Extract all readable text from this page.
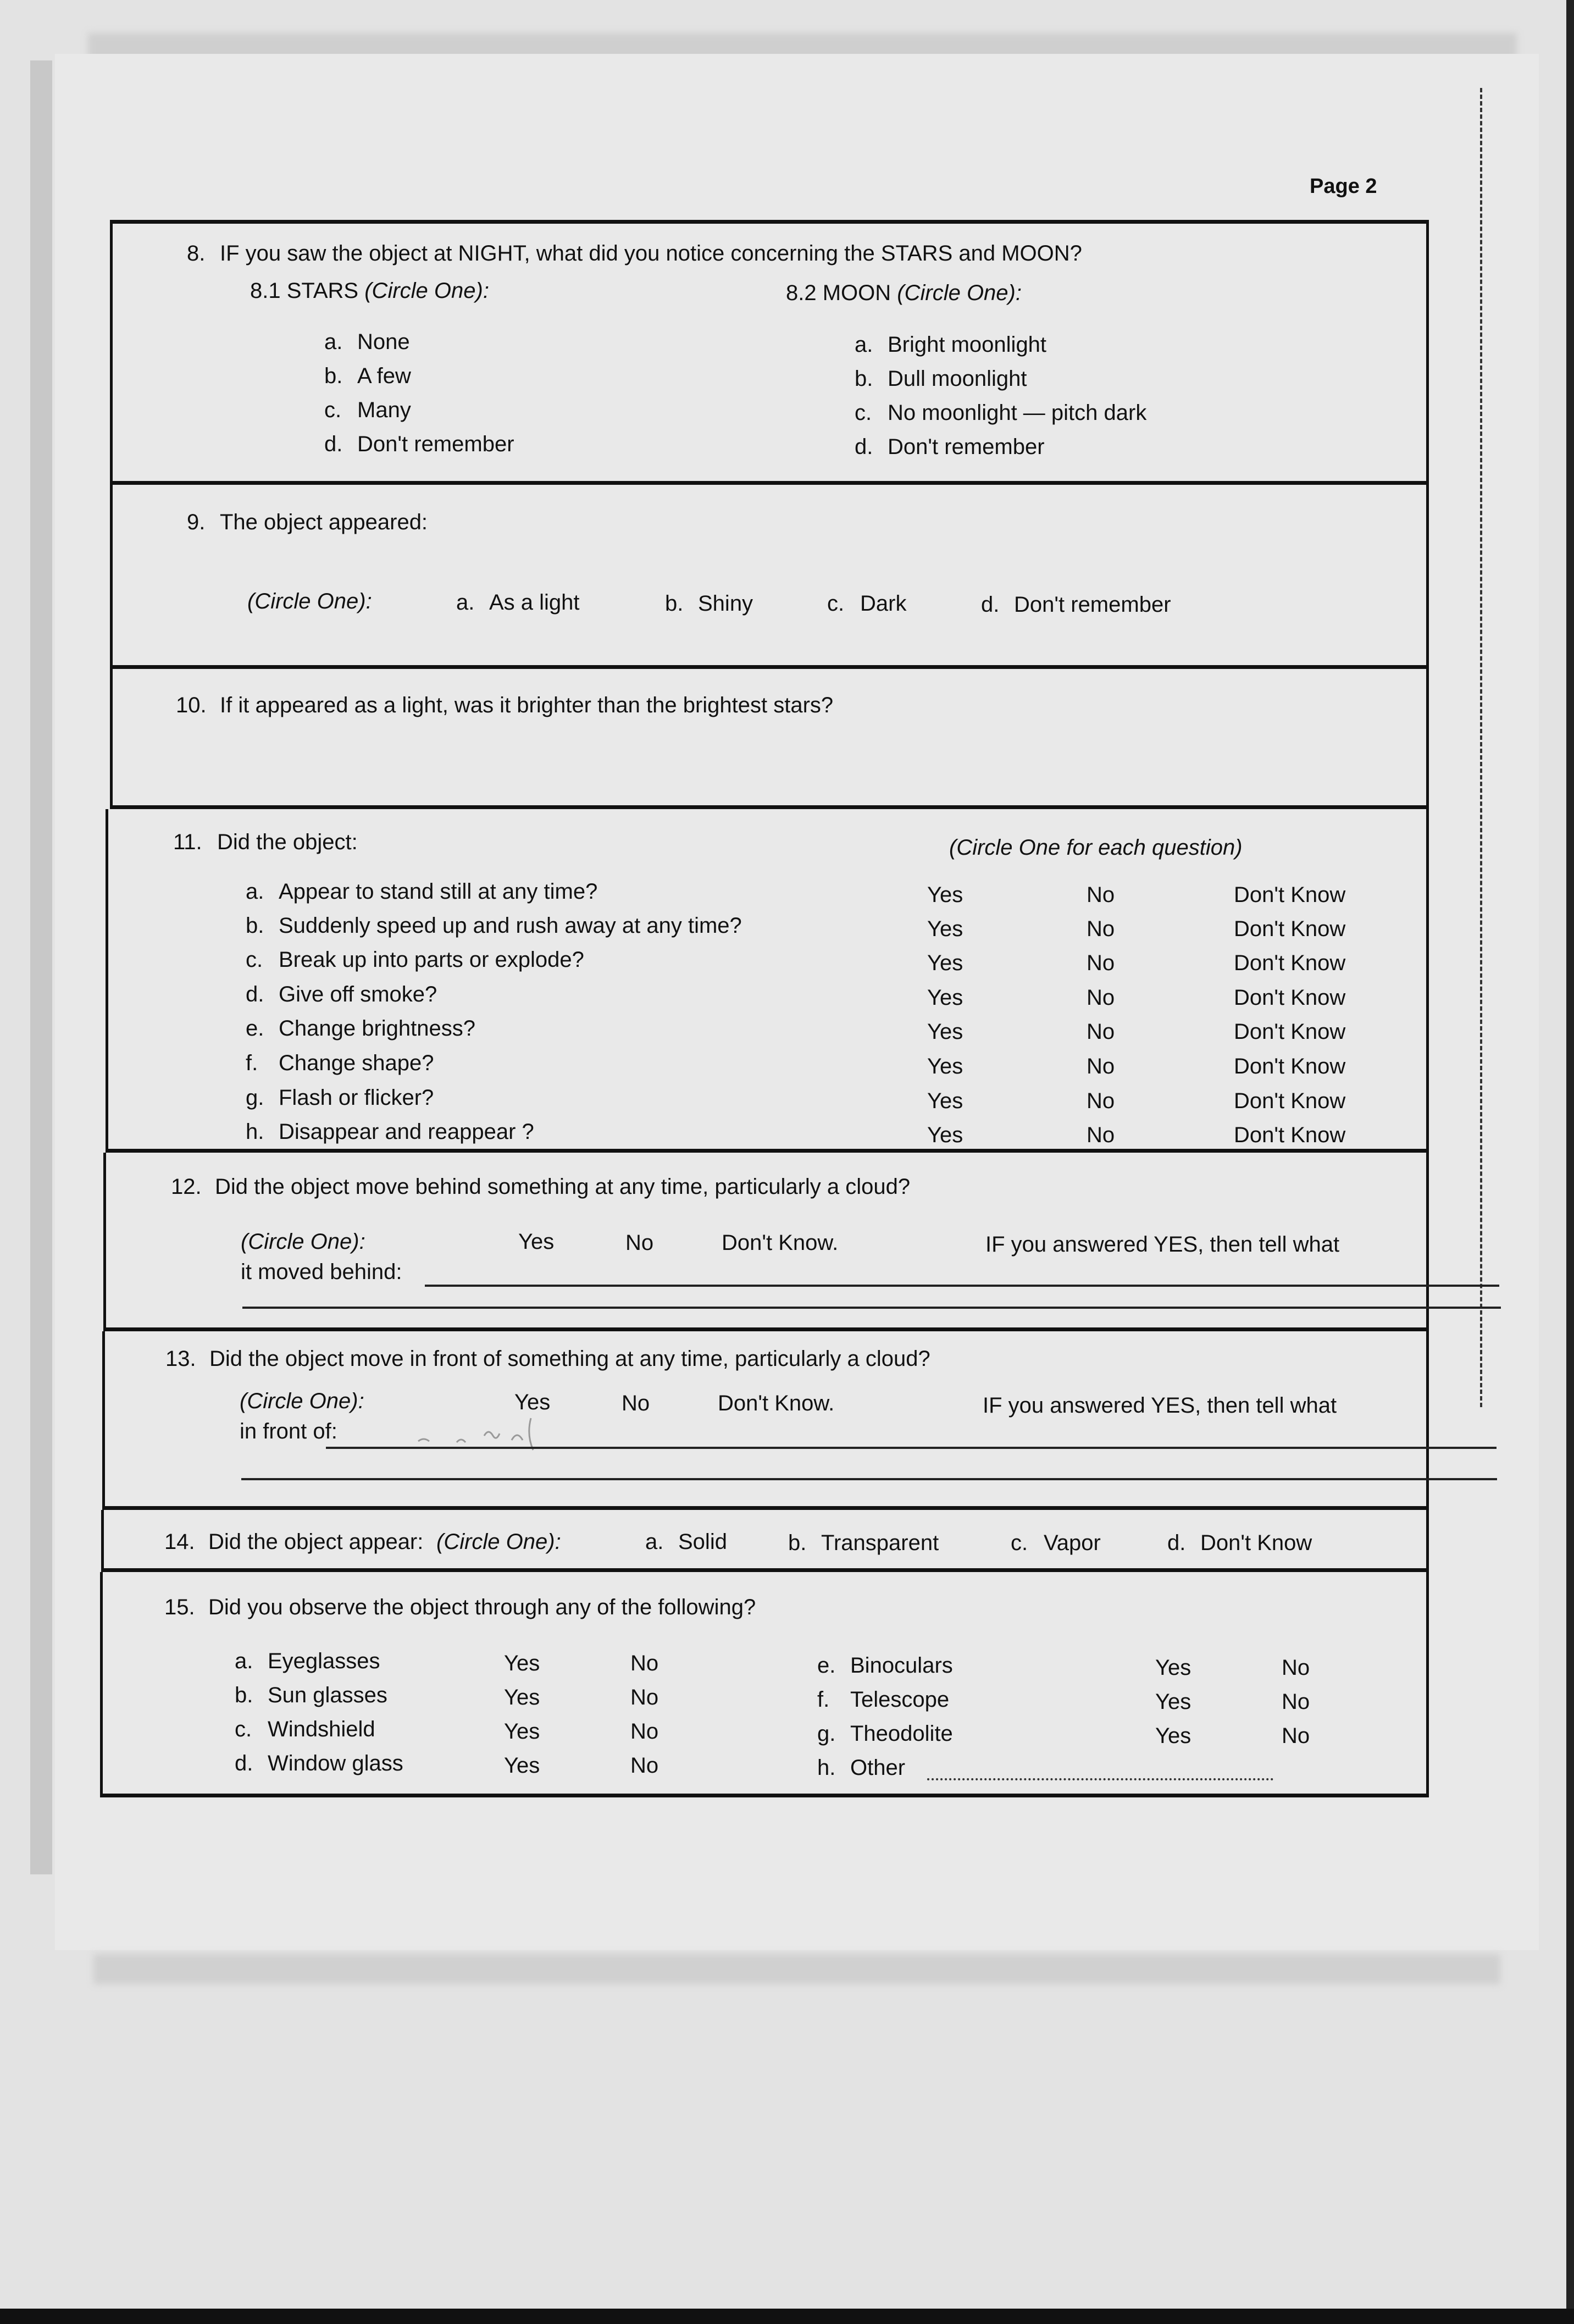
Page 2
8. IF you saw the object at NIGHT, what did you notice concerning the STARS and MOON?
8.1 STARS (Circle One):	8.2 MOON (Circle One):
a. None
b. A few
c. Many
d. Don't remember
a. Bright moonlight
b. Dull moonlight
c. No moonlight — pitch dark
d. Don't remember
9. The object appeared:
(Circle One):	a. As a light	b. Shiny	c. Dark	d. Don't remember
10. If it appeared as a light, was it brighter than the brightest stars?
11. Did the object:	(Circle One for each question)
a. Appear to stand still at any time?	Yes	No	Don't Know
b. Suddenly speed up and rush away at any time?	Yes	No	Don't Know
c. Break up into parts or explode?	Yes	No	Don't Know
d. Give off smoke?	Yes	No	Don't Know
e. Change brightness?	Yes	No	Don't Know
f. Change shape?	Yes	No	Don't Know
g. Flash or flicker?	Yes	No	Don't Know
h. Disappear and reappear ?	Yes	No	Don't Know
12. Did the object move behind something at any time, particularly a cloud?
(Circle One):	Yes	No	Don't Know.	IF you answered YES, then tell what
it moved behind:
13. Did the object move in front of something at any time, particularly a cloud?
(Circle One):	Yes	No	Don't Know.	IF you answered YES, then tell what
in front of:
14. Did the object appear: (Circle One):	a. Solid	b. Transparent	c. Vapor	d. Don't Know
15. Did you observe the object through any of the following?
a. Eyeglasses	Yes	No
b. Sun glasses	Yes	No
c. Windshield	Yes	No
d. Window glass	Yes	No
e. Binoculars	Yes	No
f. Telescope	Yes	No
g. Theodolite	Yes	No
h. Other
